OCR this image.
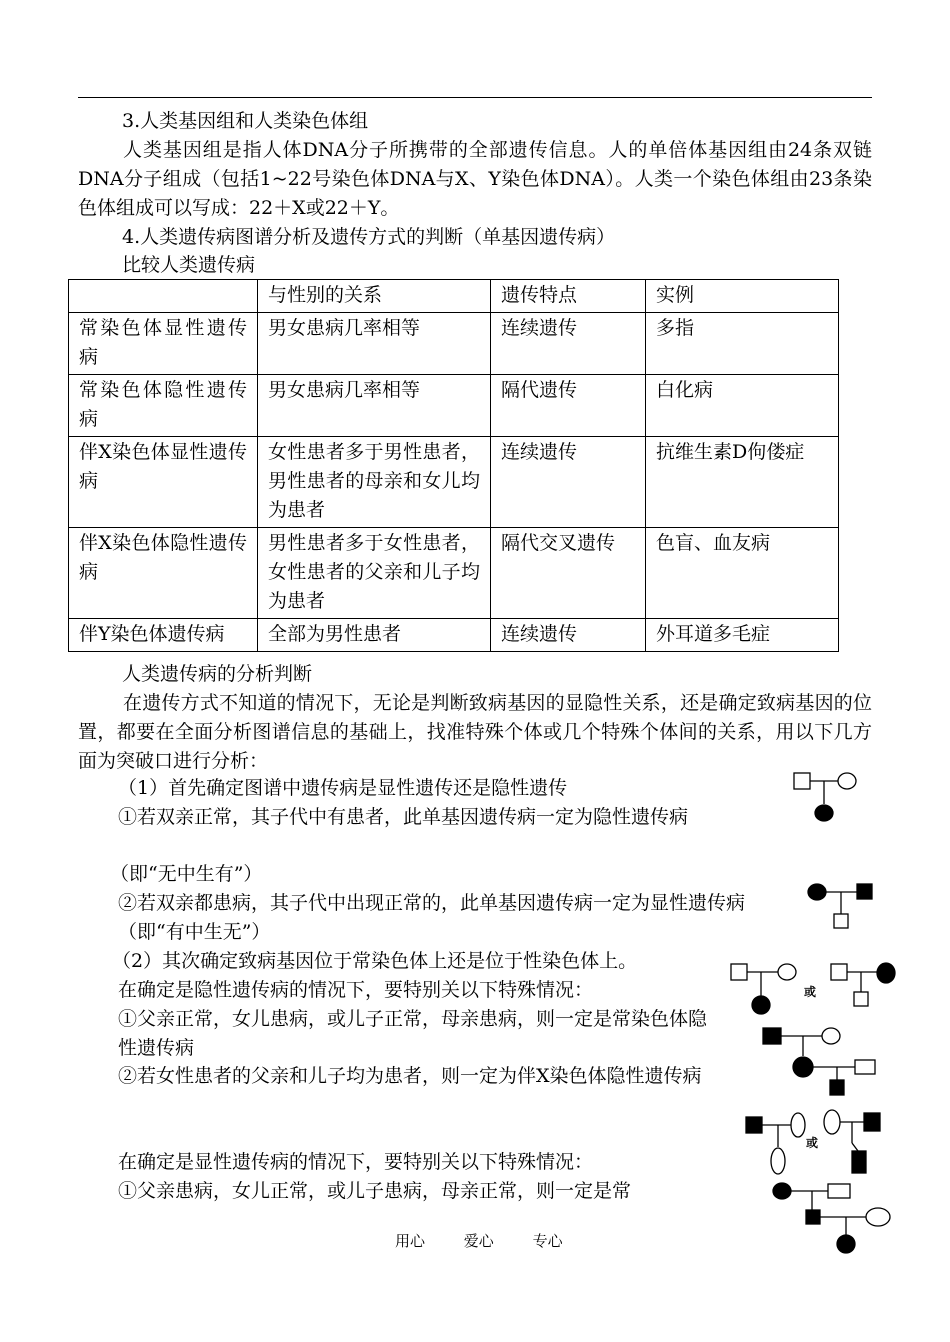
3.人类基因组和人类染色体组

人类基因组是指人体DNA分子所携带的全部遗传信息。人的单倍体基因组由24条双链DNA分子组成（包括1~22号染色体DNA与X、Y染色体DNA）。人类一个染色体组由23条染色体组成可以写成：22＋X或22＋Y。

4.人类遗传病图谱分析及遗传方式的判断（单基因遗传病）

比较人类遗传病

	与性别的关系	遗传特点	实例
常染色体显性遗传病	男女患病几率相等	连续遗传	多指
常染色体隐性遗传病	男女患病几率相等	隔代遗传	白化病
伴X染色体显性遗传病	女性患者多于男性患者，男性患者的母亲和女儿均为患者	连续遗传	抗维生素D佝偻症
伴X染色体隐性遗传病	男性患者多于女性患者，女性患者的父亲和儿子均为患者	隔代交叉遗传	色盲、血友病
伴Y染色体遗传病	全部为男性患者	连续遗传	外耳道多毛症

人类遗传病的分析判断

在遗传方式不知道的情况下，无论是判断致病基因的显隐性关系，还是确定致病基因的位置，都要在全面分析图谱信息的基础上，找准特殊个体或几个特殊个体间的关系，用以下几方面为突破口进行分析：

（1）首先确定图谱中遗传病是显性遗传还是隐性遗传

①若双亲正常，其子代中有患者，此单基因遗传病一定为隐性遗传病

（即“无中生有”）

②若双亲都患病，其子代中出现正常的，此单基因遗传病一定为显性遗传病（即“有中生无”）

（2）其次确定致病基因位于常染色体上还是位于性染色体上。

在确定是隐性遗传病的情况下，要特别关以下特殊情况：

①父亲正常，女儿患病，或儿子正常，母亲患病，则一定是常染色体隐性遗传病

②若女性患者的父亲和儿子均为患者，则一定为伴X染色体隐性遗传病

在确定是显性遗传病的情况下，要特别关以下特殊情况：

①父亲患病，女儿正常，或儿子患病，母亲正常，则一定是常

或
或
用心	爱心	专心
